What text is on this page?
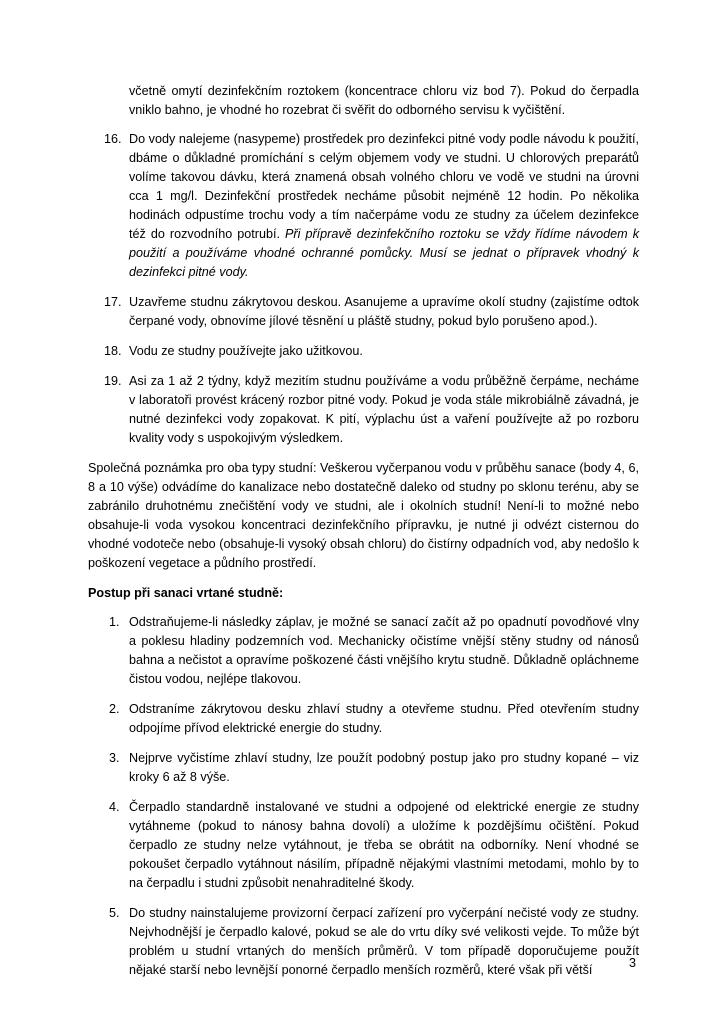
včetně omytí dezinfekčním roztokem (koncentrace chloru viz bod 7). Pokud do čerpadla vniklo bahno, je vhodné ho rozebrat či svěřit do odborného servisu k vyčištění.

16. Do vody nalejeme (nasypeme) prostředek pro dezinfekci pitné vody podle návodu k použití, dbáme o důkladné promíchání s celým objemem vody ve studni. U chlorových preparátů volíme takovou dávku, která znamená obsah volného chloru ve vodě ve studni na úrovni cca 1 mg/l. Dezinfekční prostředek necháme působit nejméně 12 hodin. Po několika hodinách odpustíme trochu vody a tím načerpáme vodu ze studny za účelem dezinfekce též do rozvodního potrubí. Při přípravě dezinfekčního roztoku se vždy řídíme návodem k použití a používáme vhodné ochranné pomůcky. Musí se jednat o přípravek vhodný k dezinfekci pitné vody.
17. Uzavřeme studnu zákrytovou deskou. Asanujeme a upravíme okolí studny (zajistíme odtok čerpané vody, obnovíme jílové těsnění u pláště studny, pokud bylo porušeno apod.).
18. Vodu ze studny používejte jako užitkovou.
19. Asi za 1 až 2 týdny, když mezitím studnu používáme a vodu průběžně čerpáme, necháme v laboratoři provést krácený rozbor pitné vody. Pokud je voda stále mikrobiálně závadná, je nutné dezinfekci vody zopakovat. K pití, výplachu úst a vaření používejte až po rozboru kvality vody s uspokojivým výsledkem.

Společná poznámka pro oba typy studní: Veškerou vyčerpanou vodu v průběhu sanace (body 4, 6, 8 a 10 výše) odvádíme do kanalizace nebo dostatečně daleko od studny po sklonu terénu, aby se zabránilo druhotnému znečištění vody ve studni, ale i okolních studní! Není-li to možné nebo obsahuje-li voda vysokou koncentraci dezinfekčního přípravku, je nutné ji odvézt cisternou do vhodné vodoteče nebo (obsahuje-li vysoký obsah chloru) do čistírny odpadních vod, aby nedošlo k poškození vegetace a půdního prostředí.

Postup při sanaci vrtané studně:

1. Odstraňujeme-li následky záplav, je možné se sanací začít až po opadnutí povodňové vlny a poklesu hladiny podzemních vod. Mechanicky očistíme vnější stěny studny od nánosů bahna a nečistot a opravíme poškozené části vnějšího krytu studně. Důkladně opláchneme čistou vodou, nejlépe tlakovou.
2. Odstraníme zákrytovou desku zhlaví studny a otevřeme studnu. Před otevřením studny odpojíme přívod elektrické energie do studny.
3. Nejprve vyčistíme zhlaví studny, lze použít podobný postup jako pro studny kopané – viz kroky 6 až 8 výše.
4. Čerpadlo standardně instalované ve studni a odpojené od elektrické energie ze studny vytáhneme (pokud to nánosy bahna dovolí) a uložíme k pozdějšímu očištění. Pokud čerpadlo ze studny nelze vytáhnout, je třeba se obrátit na odborníky. Není vhodné se pokoušet čerpadlo vytáhnout násilím, případně nějakými vlastními metodami, mohlo by to na čerpadlu i studni způsobit nenahraditelné škody.
5. Do studny nainstalujeme provizorní čerpací zařízení pro vyčerpání nečisté vody ze studny. Nejvhodnější je čerpadlo kalové, pokud se ale do vrtu díky své velikosti vejde. To může být problém u studní vrtaných do menších průměrů. V tom případě doporučujeme použít nějaké starší nebo levnější ponorné čerpadlo menších rozměrů, které však při větší	3
